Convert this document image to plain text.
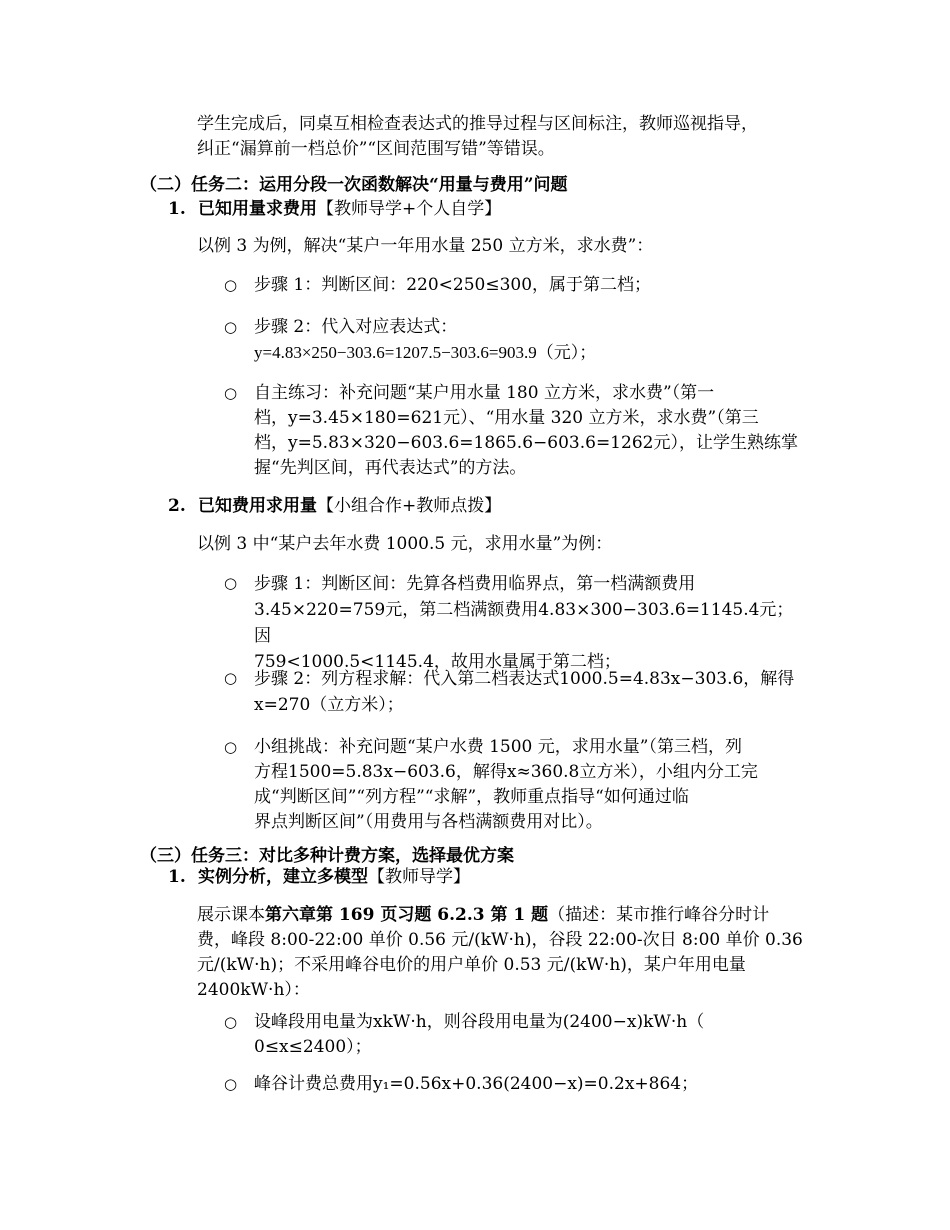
学生完成后，同桌互相检查表达式的推导过程与区间标注，教师巡视指导，

纠正“漏算前一档总价”“区间范围写错”等错误。

（二）任务二：运用分段一次函数解决“用量与费用”问题
1. 已知用量求费用【教师导学+个人自学】
以例 3 为例，解决“某户一年用水量 250 立方米，求水费”：
○ 步骤 1：判断区间：220<250≤300，属于第二档；
○ 步骤 2：代入对应表达式：
y=4.83×250−303.6=1207.5−303.6=903.9（元）；
○ 自主练习：补充问题“某户用水量 180 立方米，求水费”（第一
档，y=3.45×180=621元）、“用水量 320 立方米，求水费”（第三
档，y=5.83×320−603.6=1865.6−603.6=1262元），让学生熟练掌
握“先判区间，再代表达式”的方法。
2. 已知费用求用量【小组合作+教师点拨】
以例 3 中“某户去年水费 1000.5 元，求用水量”为例：
○ 步骤 1：判断区间：先算各档费用临界点，第一档满额费用
3.45×220=759元，第二档满额费用4.83×300−303.6=1145.4元；因
759<1000.5<1145.4，故用水量属于第二档；
○ 步骤 2：列方程求解：代入第二档表达式1000.5=4.83x−303.6，解得
x=270（立方米）；
○ 小组挑战：补充问题“某户水费 1500 元，求用水量”（第三档，列
方程1500=5.83x−603.6，解得x≈360.8立方米），小组内分工完
成“判断区间”“列方程”“求解”，教师重点指导“如何通过临
界点判断区间”（用费用与各档满额费用对比）。
（三）任务三：对比多种计费方案，选择最优方案
1. 实例分析，建立多模型【教师导学】
展示课本第六章第 169 页习题 6.2.3 第 1 题（描述：某市推行峰谷分时计
费，峰段 8:00-22:00 单价 0.56 元/(kW·h)，谷段 22:00-次日 8:00 单价 0.36
元/(kW·h)；不采用峰谷电价的用户单价 0.53 元/(kW·h)，某户年用电量
2400kW·h）：
○ 设峰段用电量为xkW·h，则谷段用电量为(2400−x)kW·h（
0≤x≤2400）；
○ 峰谷计费总费用y₁=0.56x+0.36(2400−x)=0.2x+864；
